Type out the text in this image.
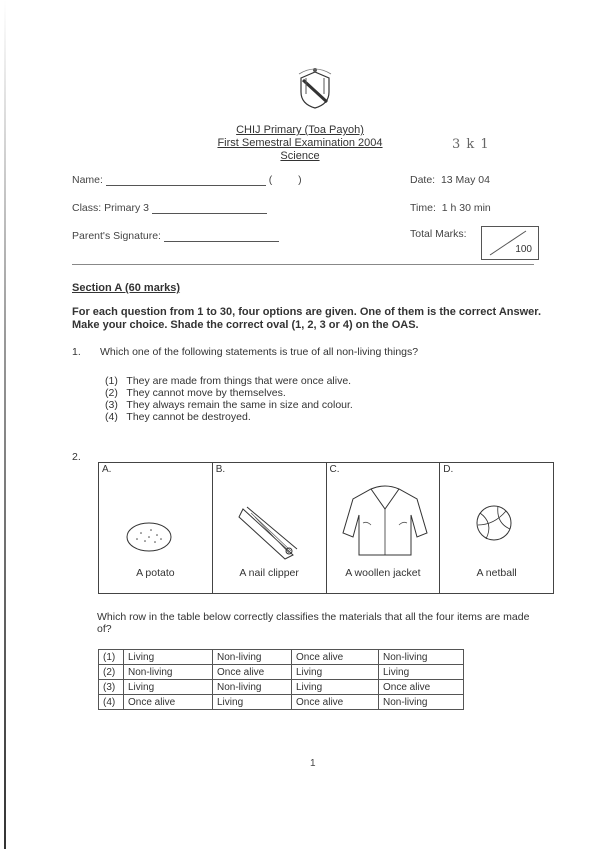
CHIJ Primary (Toa Payoh)
First Semestral Examination 2004
Science
3 k 1
Name:	( )	Date: 13 May 04
Class: Primary 3	Time: 1 h 30 min
Parent's Signature:	Total Marks:
100
Section A (60 marks)
For each question from 1 to 30, four options are given. One of them is the correct Answer. Make your choice. Shade the correct oval (1, 2, 3 or 4) on the OAS.
1. Which one of the following statements is true of all non-living things?
(1) They are made from things that were once alive.
(2) They cannot move by themselves.
(3) They always remain the same in size and colour.
(4) They cannot be destroyed.
2.
A.
A potato
B.
A nail clipper
C.
A woollen jacket
D.
A netball
Which row in the table below correctly classifies the materials that all the four items are made of?
(1)	Living	Non-living	Once alive	Non-living
(2)	Non-living	Once alive	Living	Living
(3)	Living	Non-living	Living	Once alive
(4)	Once alive	Living	Once alive	Non-living
1
